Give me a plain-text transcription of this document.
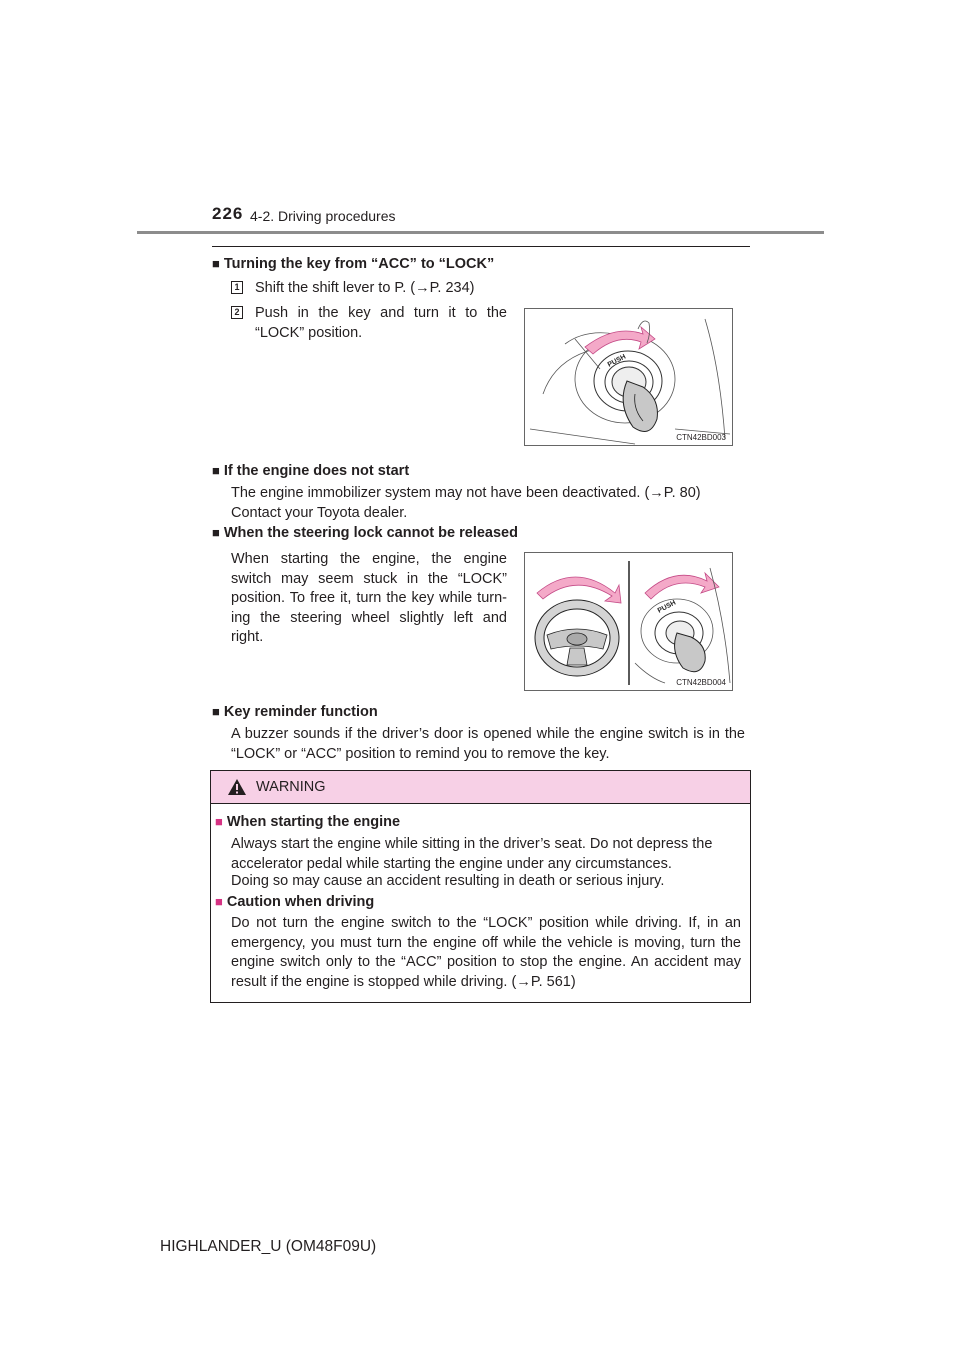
226 4-2. Driving procedures
■ Turning the key from “ACC” to “LOCK”
1 Shift the shift lever to P. (→P. 234)
2 Push in the key and turn it to the “LOCK” position.
PUSH
CTN42BD003
■ If the engine does not start
The engine immobilizer system may not have been deactivated. (→P. 80) Contact your Toyota dealer.
■ When the steering lock cannot be released
When starting the engine, the engine switch may seem stuck in the “LOCK” position. To free it, turn the key while turn-ing the steering wheel slightly left and right.
PUSH
CTN42BD004
■ Key reminder function
A buzzer sounds if the driver’s door is opened while the engine switch is in the “LOCK” or “ACC” position to remind you to remove the key.
WARNING
■ When starting the engine
Always start the engine while sitting in the driver’s seat. Do not depress the accelerator pedal while starting the engine under any circumstances.
Doing so may cause an accident resulting in death or serious injury.
■ Caution when driving
Do not turn the engine switch to the “LOCK” position while driving. If, in an emergency, you must turn the engine off while the vehicle is moving, turn the engine switch only to the “ACC” position to stop the engine. An accident may result if the engine is stopped while driving. (→P. 561)
HIGHLANDER_U (OM48F09U)
